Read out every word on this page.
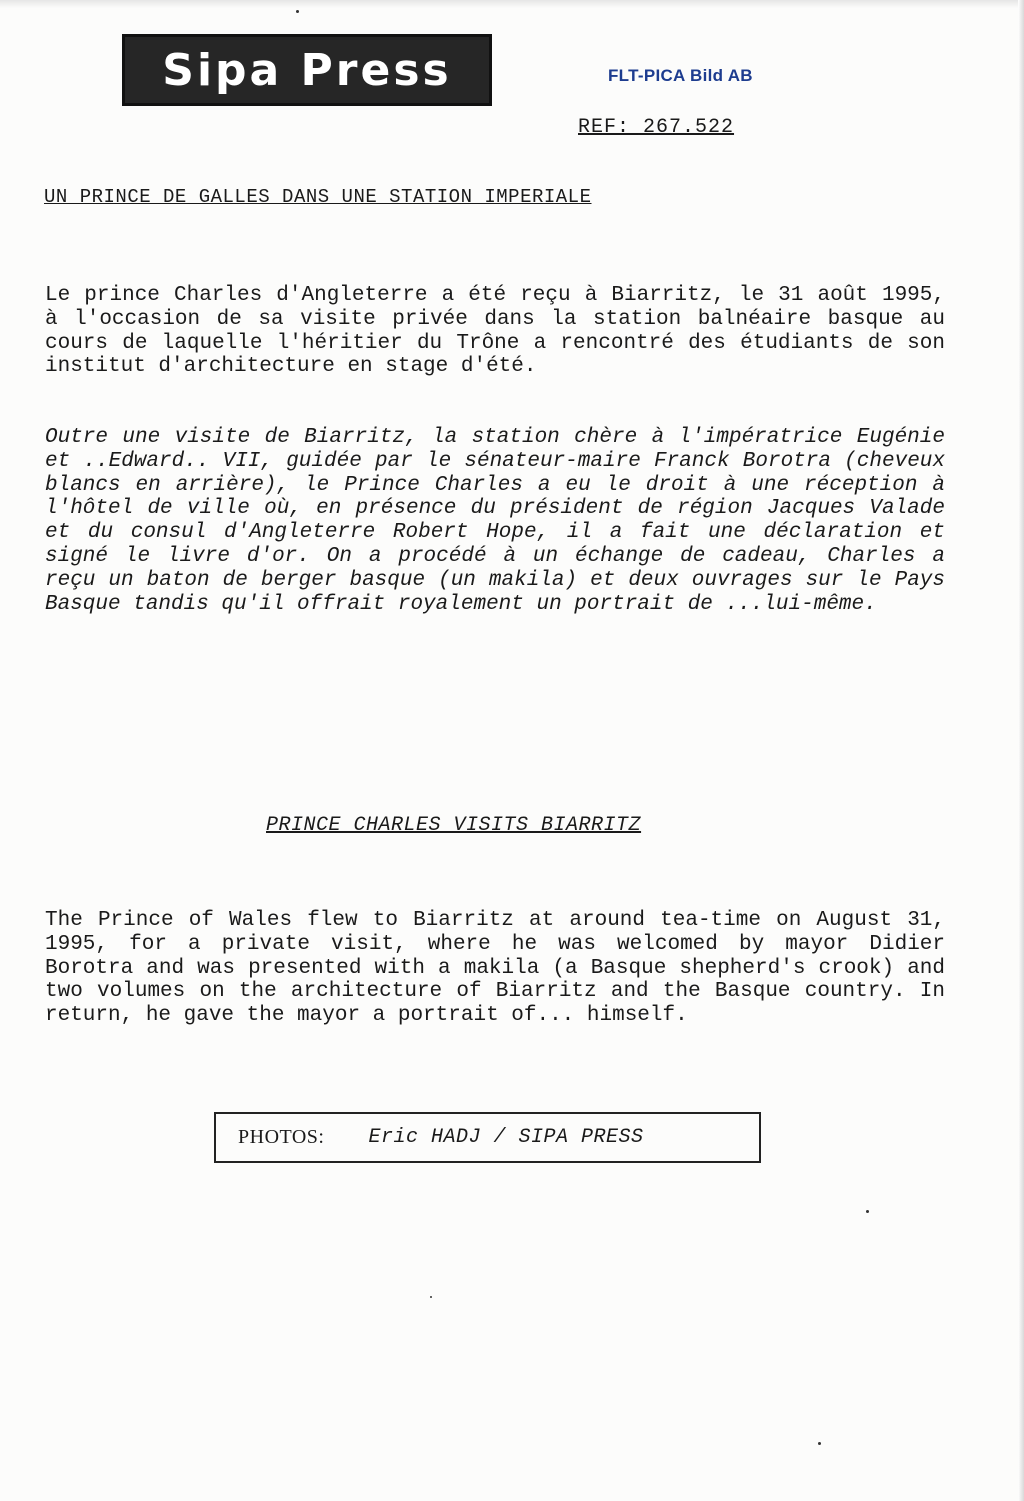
Sipa Press	FLT-PICA Bild AB
REF: 267.522
UN PRINCE DE GALLES DANS UNE STATION IMPERIALE
Le prince Charles d'Angleterre a été reçu à Biarritz, le 31 août 1995, à l'occasion de sa visite privée dans la station balnéaire basque au cours de laquelle l'héritier du Trône a rencontré des étudiants de son institut d'architecture en stage d'été.
Outre une visite de Biarritz, la station chère à l'impératrice Eugénie et ..Edward.. VII, guidée par le sénateur-maire Franck Borotra (cheveux blancs en arrière), le Prince Charles a eu le droit à une réception à l'hôtel de ville où, en présence du président de région Jacques Valade et du consul d'Angleterre Robert Hope, il a fait une déclaration et signé le livre d'or. On a procédé à un échange de cadeau, Charles a reçu un baton de berger basque (un makila) et deux ouvrages sur le Pays Basque tandis qu'il offrait royalement un portrait de ...lui-même.
PRINCE CHARLES VISITS BIARRITZ
The Prince of Wales flew to Biarritz at around tea-time on August 31, 1995, for a private visit, where he was welcomed by mayor Didier Borotra and was presented with a makila (a Basque shepherd's crook) and two volumes on the architecture of Biarritz and the Basque country. In return, he gave the mayor a portrait of... himself.
PHOTOS: Eric HADJ / SIPA PRESS
